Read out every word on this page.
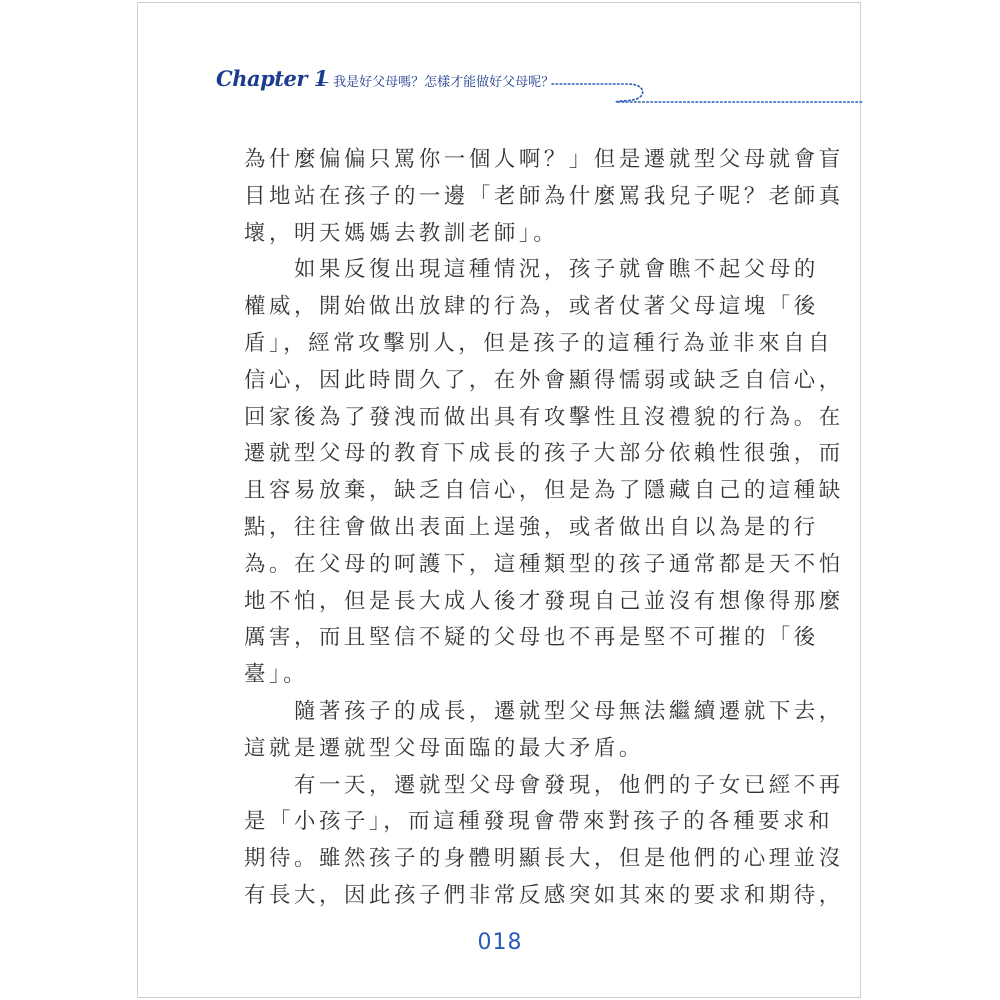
Chapter 1
— 我是好父母嗎？怎樣才能做好父母呢？
為什麼偏偏只罵你一個人啊？」但是遷就型父母就會盲
目地站在孩子的一邊「老師為什麼罵我兒子呢？老師真
壞，明天媽媽去教訓老師」。
如果反復出現這種情況，孩子就會瞧不起父母的
權威，開始做出放肆的行為，或者仗著父母這塊「後
盾」，經常攻擊別人，但是孩子的這種行為並非來自自
信心，因此時間久了，在外會顯得懦弱或缺乏自信心，
回家後為了發洩而做出具有攻擊性且沒禮貌的行為。在
遷就型父母的教育下成長的孩子大部分依賴性很強，而
且容易放棄，缺乏自信心，但是為了隱藏自己的這種缺
點，往往會做出表面上逞強，或者做出自以為是的行
為。在父母的呵護下，這種類型的孩子通常都是天不怕
地不怕，但是長大成人後才發現自己並沒有想像得那麼
厲害，而且堅信不疑的父母也不再是堅不可摧的「後
臺」。
隨著孩子的成長，遷就型父母無法繼續遷就下去，
這就是遷就型父母面臨的最大矛盾。
有一天，遷就型父母會發現，他們的子女已經不再
是「小孩子」，而這種發現會帶來對孩子的各種要求和
期待。雖然孩子的身體明顯長大，但是他們的心理並沒
有長大，因此孩子們非常反感突如其來的要求和期待，
018
